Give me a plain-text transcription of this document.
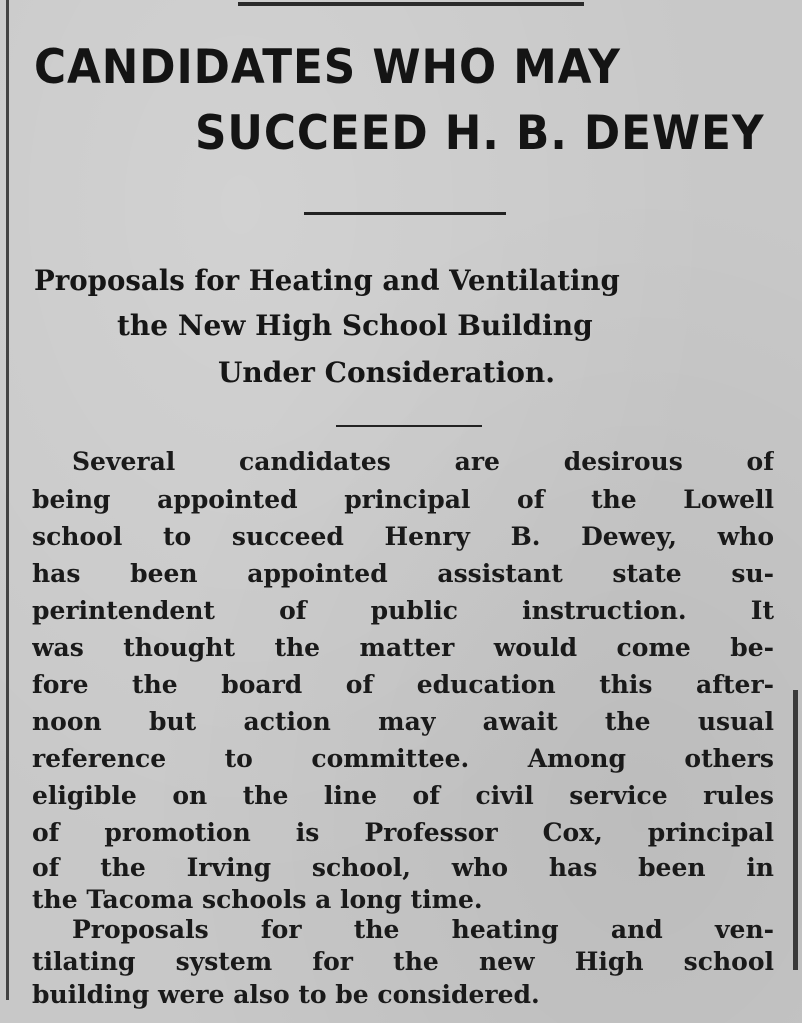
CANDIDATES WHO MAY
SUCCEED H. B. DEWEY
Proposals for Heating and Ventilating
the New High School Building
Under Consideration.
Several candidates are desirous of
being appointed principal of the Lowell
school to succeed Henry B. Dewey, who
has been appointed assistant state su-
perintendent of public instruction. It
was thought the matter would come be-
fore the board of education this after-
noon but action may await the usual
reference to committee. Among others
eligible on the line of civil service rules
of promotion is Professor Cox, principal
of the Irving school, who has been in
the Tacoma schools a long time.
Proposals for the heating and ven-
tilating system for the new High school
building were also to be considered.
